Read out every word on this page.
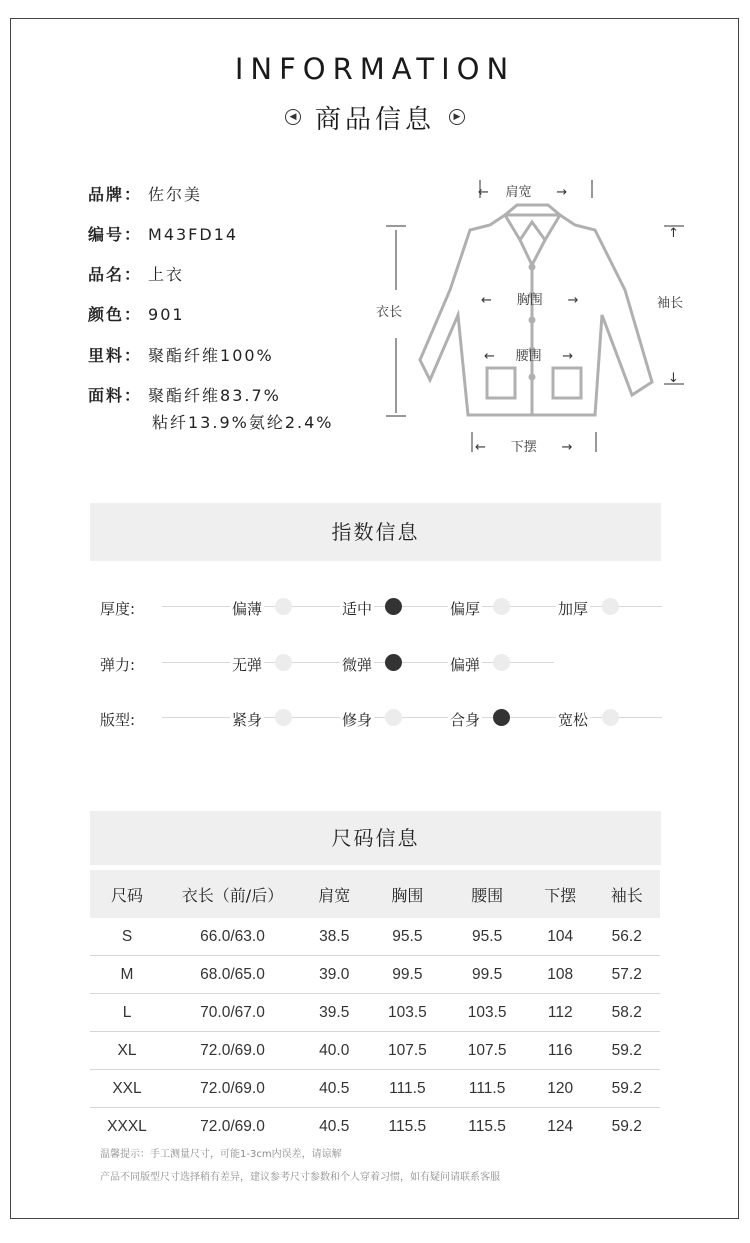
INFORMATION
◀ 商品信息	▶
品牌： 佐尔美
编号： M43FD14
品名： 上衣
颜色： 901
里料： 聚酯纤维100%
面料： 聚酯纤维83.7%
粘纤13.9%氨纶2.4%
← 肩宽 →
衣长
← 胸围 →
← 腰围 →
↑
袖长
↓
← 下摆 →
指数信息
厚度:	偏薄	适中	偏厚	加厚
弹力:	无弹	微弹	偏弹
版型:	紧身	修身	合身	宽松
尺码信息
尺码	衣长（前/后）	肩宽	胸围	腰围	下摆	袖长
S	66.0/63.0	38.5	95.5	95.5	104	56.2
M	68.0/65.0	39.0	99.5	99.5	108	57.2
L	70.0/67.0	39.5	103.5	103.5	112	58.2
XL	72.0/69.0	40.0	107.5	107.5	116	59.2
XXL	72.0/69.0	40.5	111.5	111.5	120	59.2
XXXL	72.0/69.0	40.5	115.5	115.5	124	59.2
温馨提示：手工测量尺寸，可能1-3cm内误差，请谅解
产品不同版型尺寸选择稍有差异，建议参考尺寸参数和个人穿着习惯，如有疑问请联系客服
